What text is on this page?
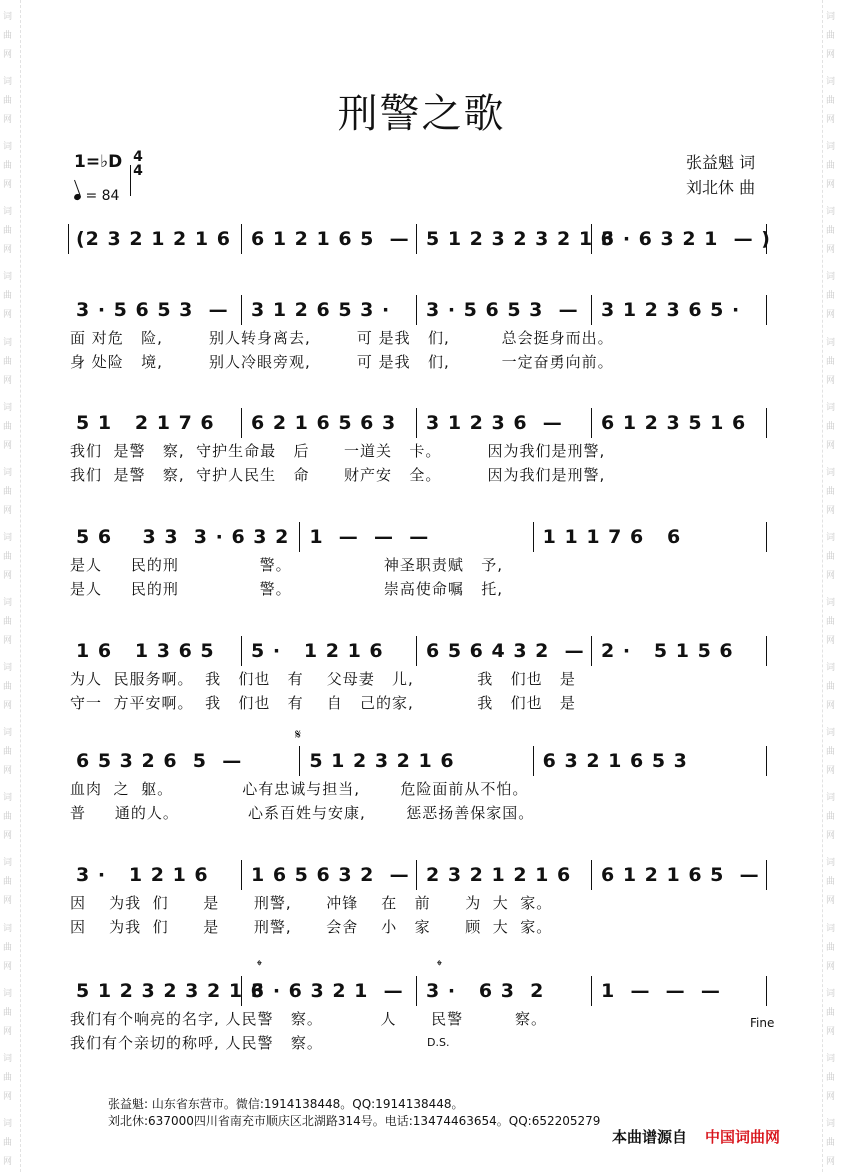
词曲网
词曲网
词曲网
词曲网
词曲网
词曲网
词曲网
词曲网
词曲网
词曲网
词曲网
词曲网
词曲网
词曲网
词曲网
词曲网
词曲网
词曲网
词曲网
词曲网
词曲网
词曲网
词曲网
词曲网
词曲网
词曲网
词曲网
词曲网
词曲网
词曲网
词曲网
词曲网
词曲网
词曲网
词曲网
词曲网
刑警之歌
1=♭D 4
4
= 84
张益魁 词
刘北休 曲
(2 3 2 1 2 1 6 6 1 2 1 6 5  — 5 1 2 3 2 3 2 1 6
3 · 6 3 2 1  — )
3 · 5 6 5 3  — 3 1 2 6 5 3 · 3 · 5 6 5 3  — 3 1 2 3 6 5 ·
面 对危   险,        别人转身离去,        可 是我   们,         总会挺身而出。
身 处险   境,        别人冷眼旁观,        可 是我   们,         一定奋勇向前。
5 1   2 1 7 6 6 2 1 6 5 6 3 3 1 2 3 6  — 6 1 2 3 5 1 6
我们  是警   察,  守护生命最   后      一道关   卡。        因为我们是刑警,
我们  是警   察,  守护人民生   命      财产安   全。        因为我们是刑警,
5 6    3 3  3 · 6 3 2 1  —  —  —	1 1 1 7 6   6
是人     民的刑              警。                神圣职责赋   予,
是人     民的刑              警。                崇高使命嘱   托,
1 6   1 3 6 5 5 ·   1 2 1 6 6 5 6 4 3 2  — 2 ·   5 1 5 6
为人  民服务啊。  我   们也   有    父母妻   儿,           我   们也   是
守一  方平安啊。  我   们也   有    自   己的家,           我   们也   是
6 5 3 2 6  5  —	5 1 2 3 2 1 6	6 3 2 1 6 5 3
血肉  之  躯。            心有忠诚与担当,       危险面前从不怕。
普     通的人。            心系百姓与安康,       惩恶扬善保家国。
3 ·   1 2 1 6 1 6 5 6 3 2  — 2 3 2 1 2 1 6 6 1 2 1 6 5  —
因    为我  们      是      刑警,      冲锋    在   前      为  大  家。
因    为我  们      是      刑警,      会舍    小   家      顾  大  家。
5 1 2 3 2 3 2 1 6
3 · 6 3 2 1  — 3 ·   6 3  2	1  —  —  —
我们有个响亮的名字, 人民警   察。          人      民警         察。
我们有个亲切的称呼, 人民警   察。
𝄋
𝄌	𝄌
Fine
D.S.
张益魁: 山东省东营市。微信:1914138448。QQ:1914138448。
刘北休:637000四川省南充市顺庆区北湖路314号。电话:13474463654。QQ:652205279
本曲谱源自 中国词曲网
